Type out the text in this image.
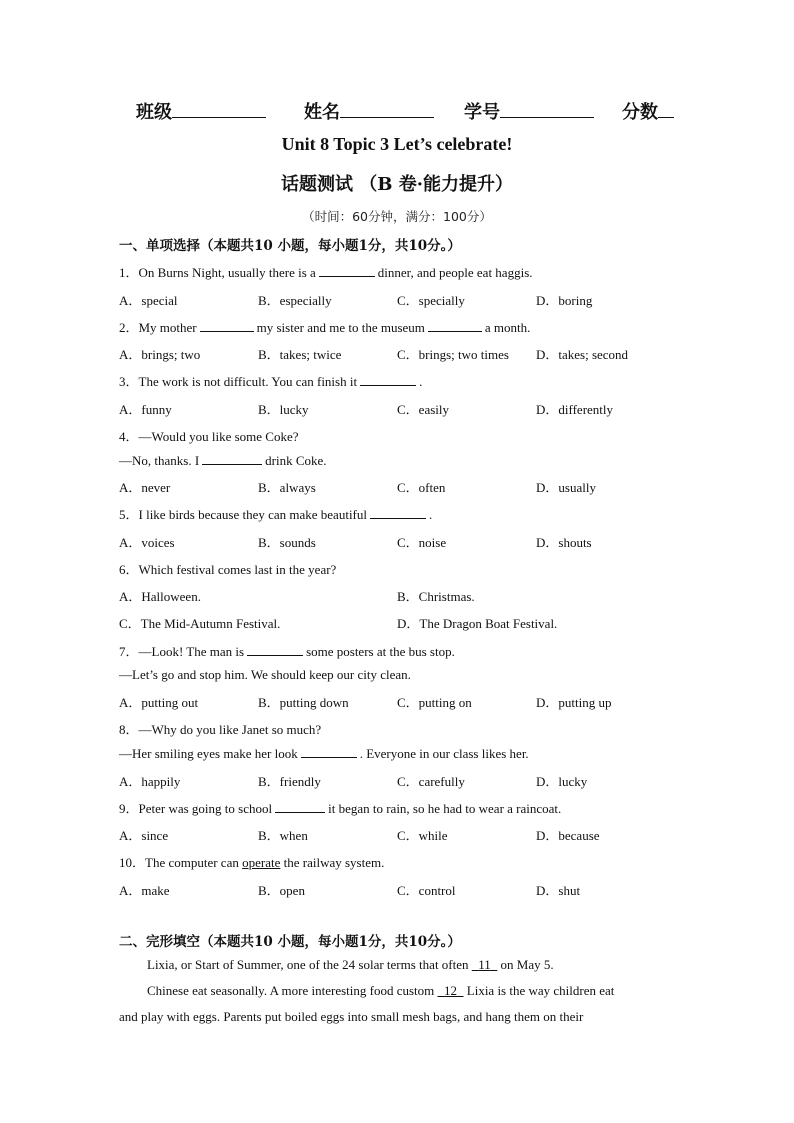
班级	姓名	学号	分数
Unit 8 Topic 3 Let’s celebrate!
话题测试 （B 卷·能力提升）
（时间：60分钟，满分：100分）
一、单项选择（本题共10 小题，每小题1分，共10分。）
1．On Burns Night, usually there is a	dinner, and people eat haggis.
A．special	B．especially	C．specially	D．boring
2．My mother	my sister and me to the museum	a month.
A．brings; two	B．takes; twice	C．brings; two times D．takes; second
3．The work is not difficult. You can finish it	.
A．funny	B．lucky	C．easily	D．differently
4．—Would you like some Coke?
—No, thanks. I	drink Coke.
A．never	B．always	C．often	D．usually
5．I like birds because they can make beautiful	.
A．voices	B．sounds	C．noise	D．shouts
6．Which festival comes last in the year?
A．Halloween.	B．Christmas.
C．The Mid-Autumn Festival.	D．The Dragon Boat Festival.
7．—Look! The man is	some posters at the bus stop.
—Let’s go and stop him. We should keep our city clean.
A．putting out	B．putting down	C．putting on	D．putting up
8．—Why do you like Janet so much?
—Her smiling eyes make her look	. Everyone in our class likes her.
A．happily	B．friendly	C．carefully	D．lucky
9．Peter was going to school	it began to rain, so he had to wear a raincoat.
A．since	B．when	C．while	D．because
10．The computer can operate the railway system.
A．make	B．open	C．control	D．shut
二、完形填空（本题共10 小题，每小题1分，共10分。）
Lixia, or Start of Summer, one of the 24 solar terms that often 11 on May 5.
Chinese eat seasonally. A more interesting food custom 12 Lixia is the way children eat
and play with eggs. Parents put boiled eggs into small mesh bags, and hang them on their
